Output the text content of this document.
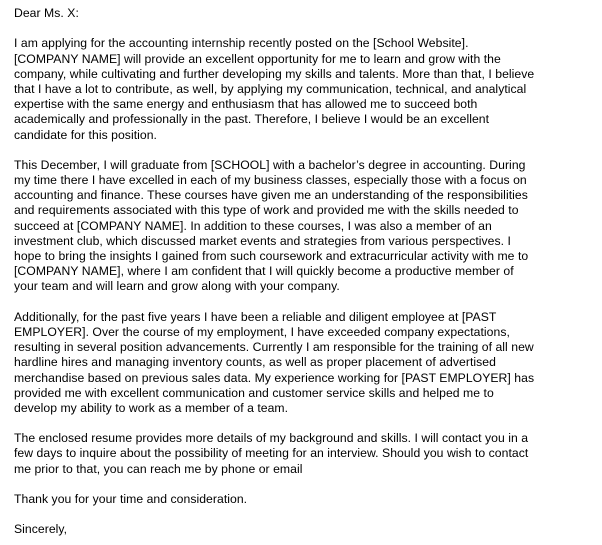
Dear Ms. X:
I am applying for the accounting internship recently posted on the [School Website].
[COMPANY NAME] will provide an excellent opportunity for me to learn and grow with the
company, while cultivating and further developing my skills and talents. More than that, I believe
that I have a lot to contribute, as well, by applying my communication, technical, and analytical
expertise with the same energy and enthusiasm that has allowed me to succeed both
academically and professionally in the past. Therefore, I believe I would be an excellent
candidate for this position.
This December, I will graduate from [SCHOOL] with a bachelor’s degree in accounting. During
my time there I have excelled in each of my business classes, especially those with a focus on
accounting and finance. These courses have given me an understanding of the responsibilities
and requirements associated with this type of work and provided me with the skills needed to
succeed at [COMPANY NAME]. In addition to these courses, I was also a member of an
investment club, which discussed market events and strategies from various perspectives. I
hope to bring the insights I gained from such coursework and extracurricular activity with me to
[COMPANY NAME], where I am confident that I will quickly become a productive member of
your team and will learn and grow along with your company.
Additionally, for the past five years I have been a reliable and diligent employee at [PAST
EMPLOYER]. Over the course of my employment, I have exceeded company expectations,
resulting in several position advancements. Currently I am responsible for the training of all new
hardline hires and managing inventory counts, as well as proper placement of advertised
merchandise based on previous sales data. My experience working for [PAST EMPLOYER] has
provided me with excellent communication and customer service skills and helped me to
develop my ability to work as a member of a team.
The enclosed resume provides more details of my background and skills. I will contact you in a
few days to inquire about the possibility of meeting for an interview. Should you wish to contact
me prior to that, you can reach me by phone or email
Thank you for your time and consideration.
Sincerely,
